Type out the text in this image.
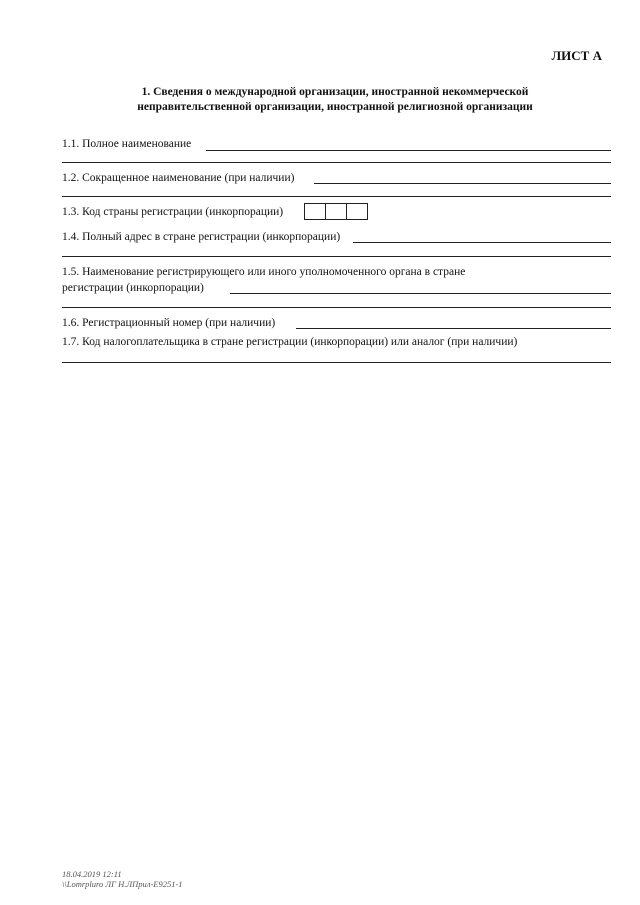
ЛИСТ А
1. Сведения о международной организации, иностранной некоммерческой
неправительственной организации, иностранной религиозной организации
1.1. Полное наименование
1.2. Сокращенное наименование (при наличии)
1.3. Код страны регистрации (инкорпорации)
1.4. Полный адрес в стране регистрации (инкорпорации)
1.5. Наименование регистрирующего или иного уполномоченного органа в стране
регистрации (инкорпорации)
1.6. Регистрационный номер (при наличии)
1.7. Код налогоплательщика в стране регистрации (инкорпорации) или аналог (при наличии)
18.04.2019 12:11
\\Lomrpluro ЛГ Н.ЛПрил-Е9251-1
